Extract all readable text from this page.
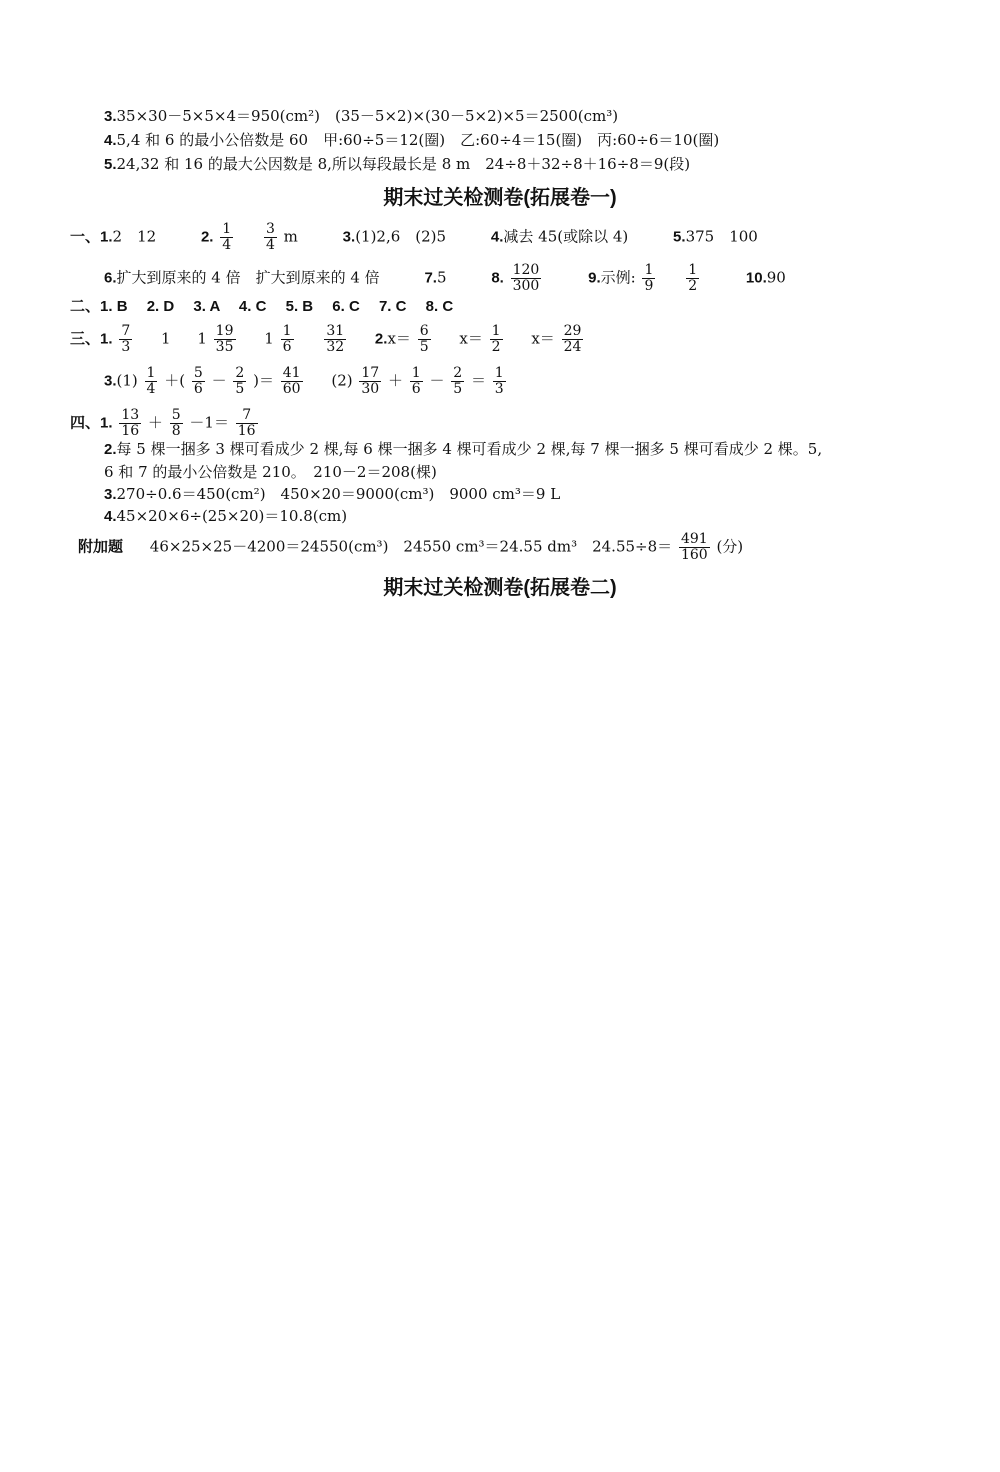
3.35×30－5×5×4＝950(cm²)　(35－5×2)×(30－5×2)×5＝2500(cm³)
4.5,4 和 6 的最小公倍数是 60　甲:60÷5＝12(圈)　乙:60÷4＝15(圈)　丙:60÷6＝10(圈)
5.24,32 和 16 的最大公因数是 8,所以每段最长是 8 m　24÷8＋32÷8＋16÷8＝9(段)
期末过关检测卷(拓展卷一)
一、1.2　12	2. $\frac{1}{4}$
$\frac{3}{4}$ m	3.(1)2,6　(2)5	4.减去 45(或除以 4)	5.375　100
6.扩大到原来的 4 倍　扩大到原来的 4 倍	7.5	8. $\frac{120}{300}$	9.示例: $\frac{1}{9}$
$\frac{1}{2}$	10.90
二、1. B　 2. D　 3. A　 4. C　 5. B　 6. C　 7. C　 8. C
三、1. $\frac{7}{3} 1$ $1 \frac{19}{35} 1 \frac{1}{6}$
$\frac{31}{32} 2.x= \frac{6}{5} x= \frac{1}{2} x= \frac{29}{24}$
$3.(1) \frac{1}{4}$ ＋( $\frac{5}{6} - \frac{2}{5}$ )＝ $\frac{41}{60} (2) \frac{17}{30} + \frac{1}{6} - \frac{2}{5} = \frac{1}{3}$
四、1. $\frac{13}{16} + \frac{5}{8} -1= \frac{7}{16}$
2.每 5 棵一捆多 3 棵可看成少 2 棵,每 6 棵一捆多 4 棵可看成少 2 棵,每 7 棵一捆多 5 棵可看成少 2 棵。5,
6 和 7 的最小公倍数是 210。　210－2＝208(棵)
3.270÷0.6＝450(cm²)　450×20＝9000(cm³)　9000 cm³＝9 L
4.45×20×6÷(25×20)＝10.8(cm)
附加题 46×25×25－4200＝24550(cm³)　24550 cm³＝24.55 dm³　$24.55\div 8= \frac{491}{160}$ (分)
期末过关检测卷(拓展卷二)
